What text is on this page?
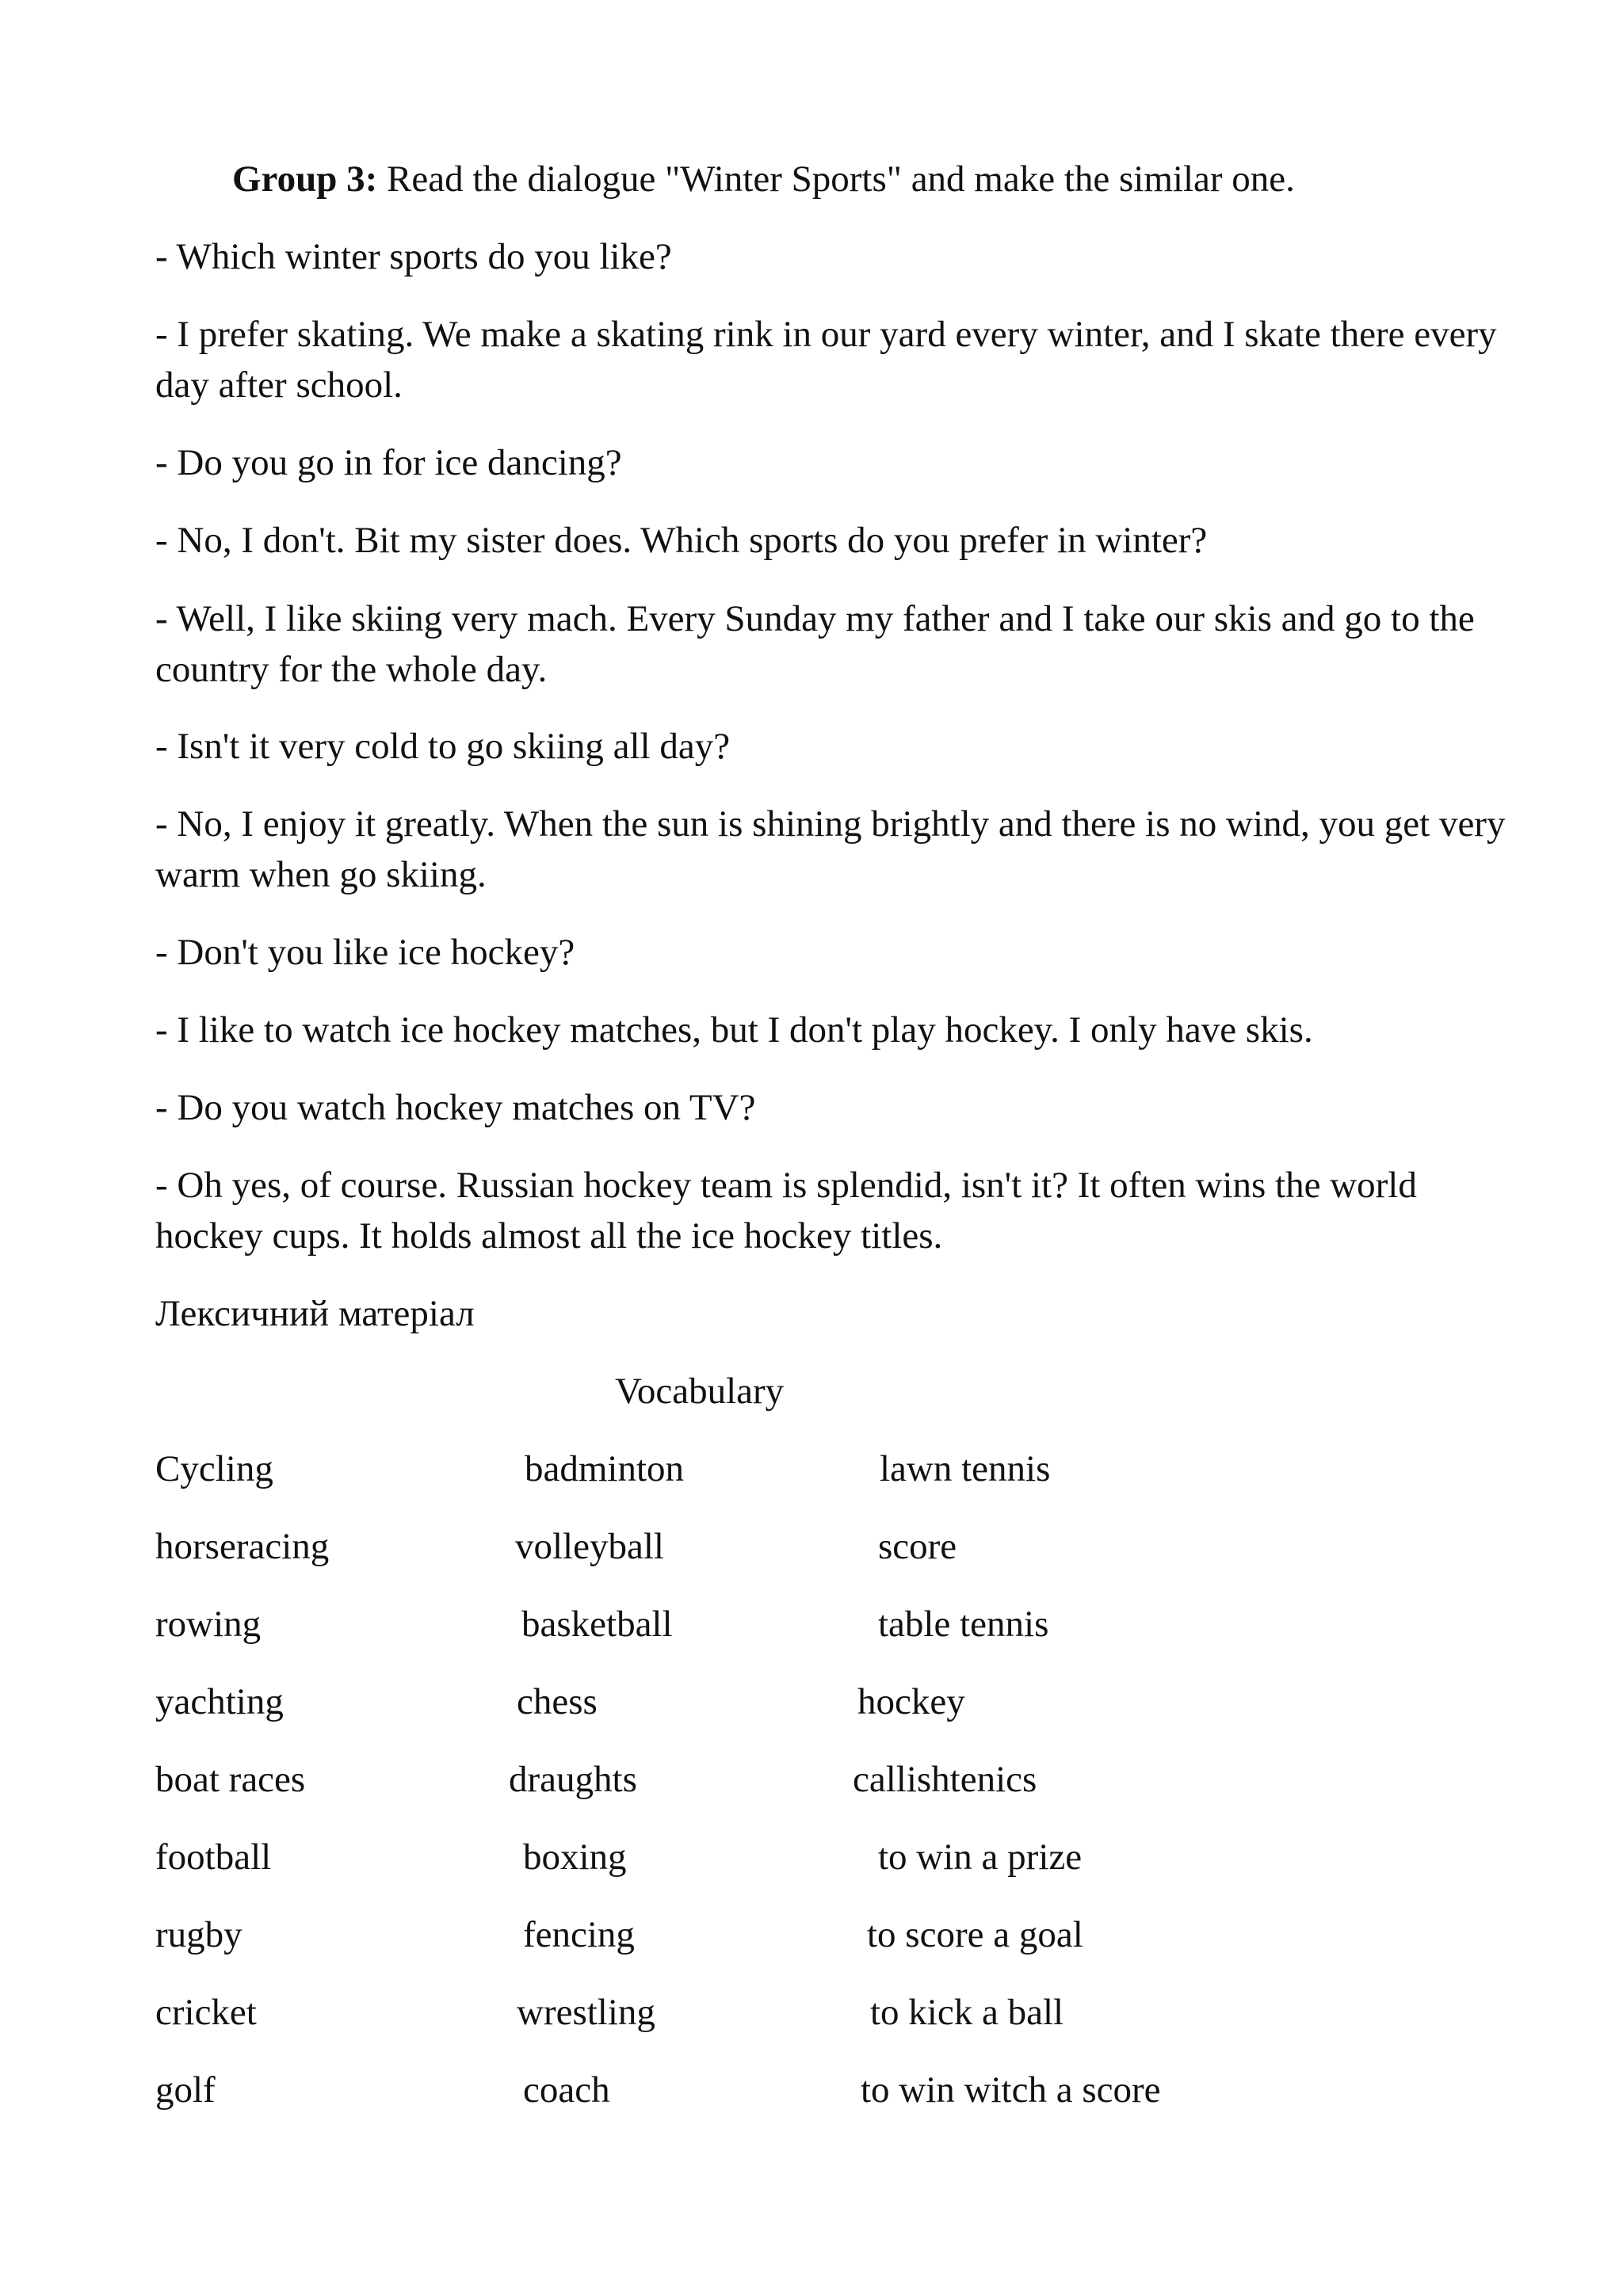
Group 3: Read the dialogue "Winter Sports" and make the similar one.
- Which winter sports do you like?
- I prefer skating. We make a skating rink in our yard every winter, and I skate there every
day after school.
- Do you go in for ice dancing?
- No, I don't. Bit my sister does. Which sports do you prefer in winter?
- Well, I like skiing very mach. Every Sunday my father and I take our skis and go to the
country for the whole day.
- Isn't it very cold to go skiing all day?
- No, I enjoy it greatly. When the sun is shining brightly and there is no wind, you get very
warm when go skiing.
- Don't you like ice hockey?
- I like to watch ice hockey matches, but I don't play hockey. I only have skis.
- Do you watch hockey matches on TV?
- Oh yes, of course. Russian hockey team is splendid, isn't it? It often wins the world
hockey cups. It holds almost all the ice hockey titles.
Лексичний матеріал
Vocabulary
Cycling	badminton	lawn tennis
horseracing	volleyball	score
rowing	basketball	table tennis
yachting	chess	hockey
boat races	draughts	callishtenics
football	boxing	to win a prize
rugby	fencing	to score a goal
cricket	wrestling	to kick a ball
golf	coach	to win witch a score
